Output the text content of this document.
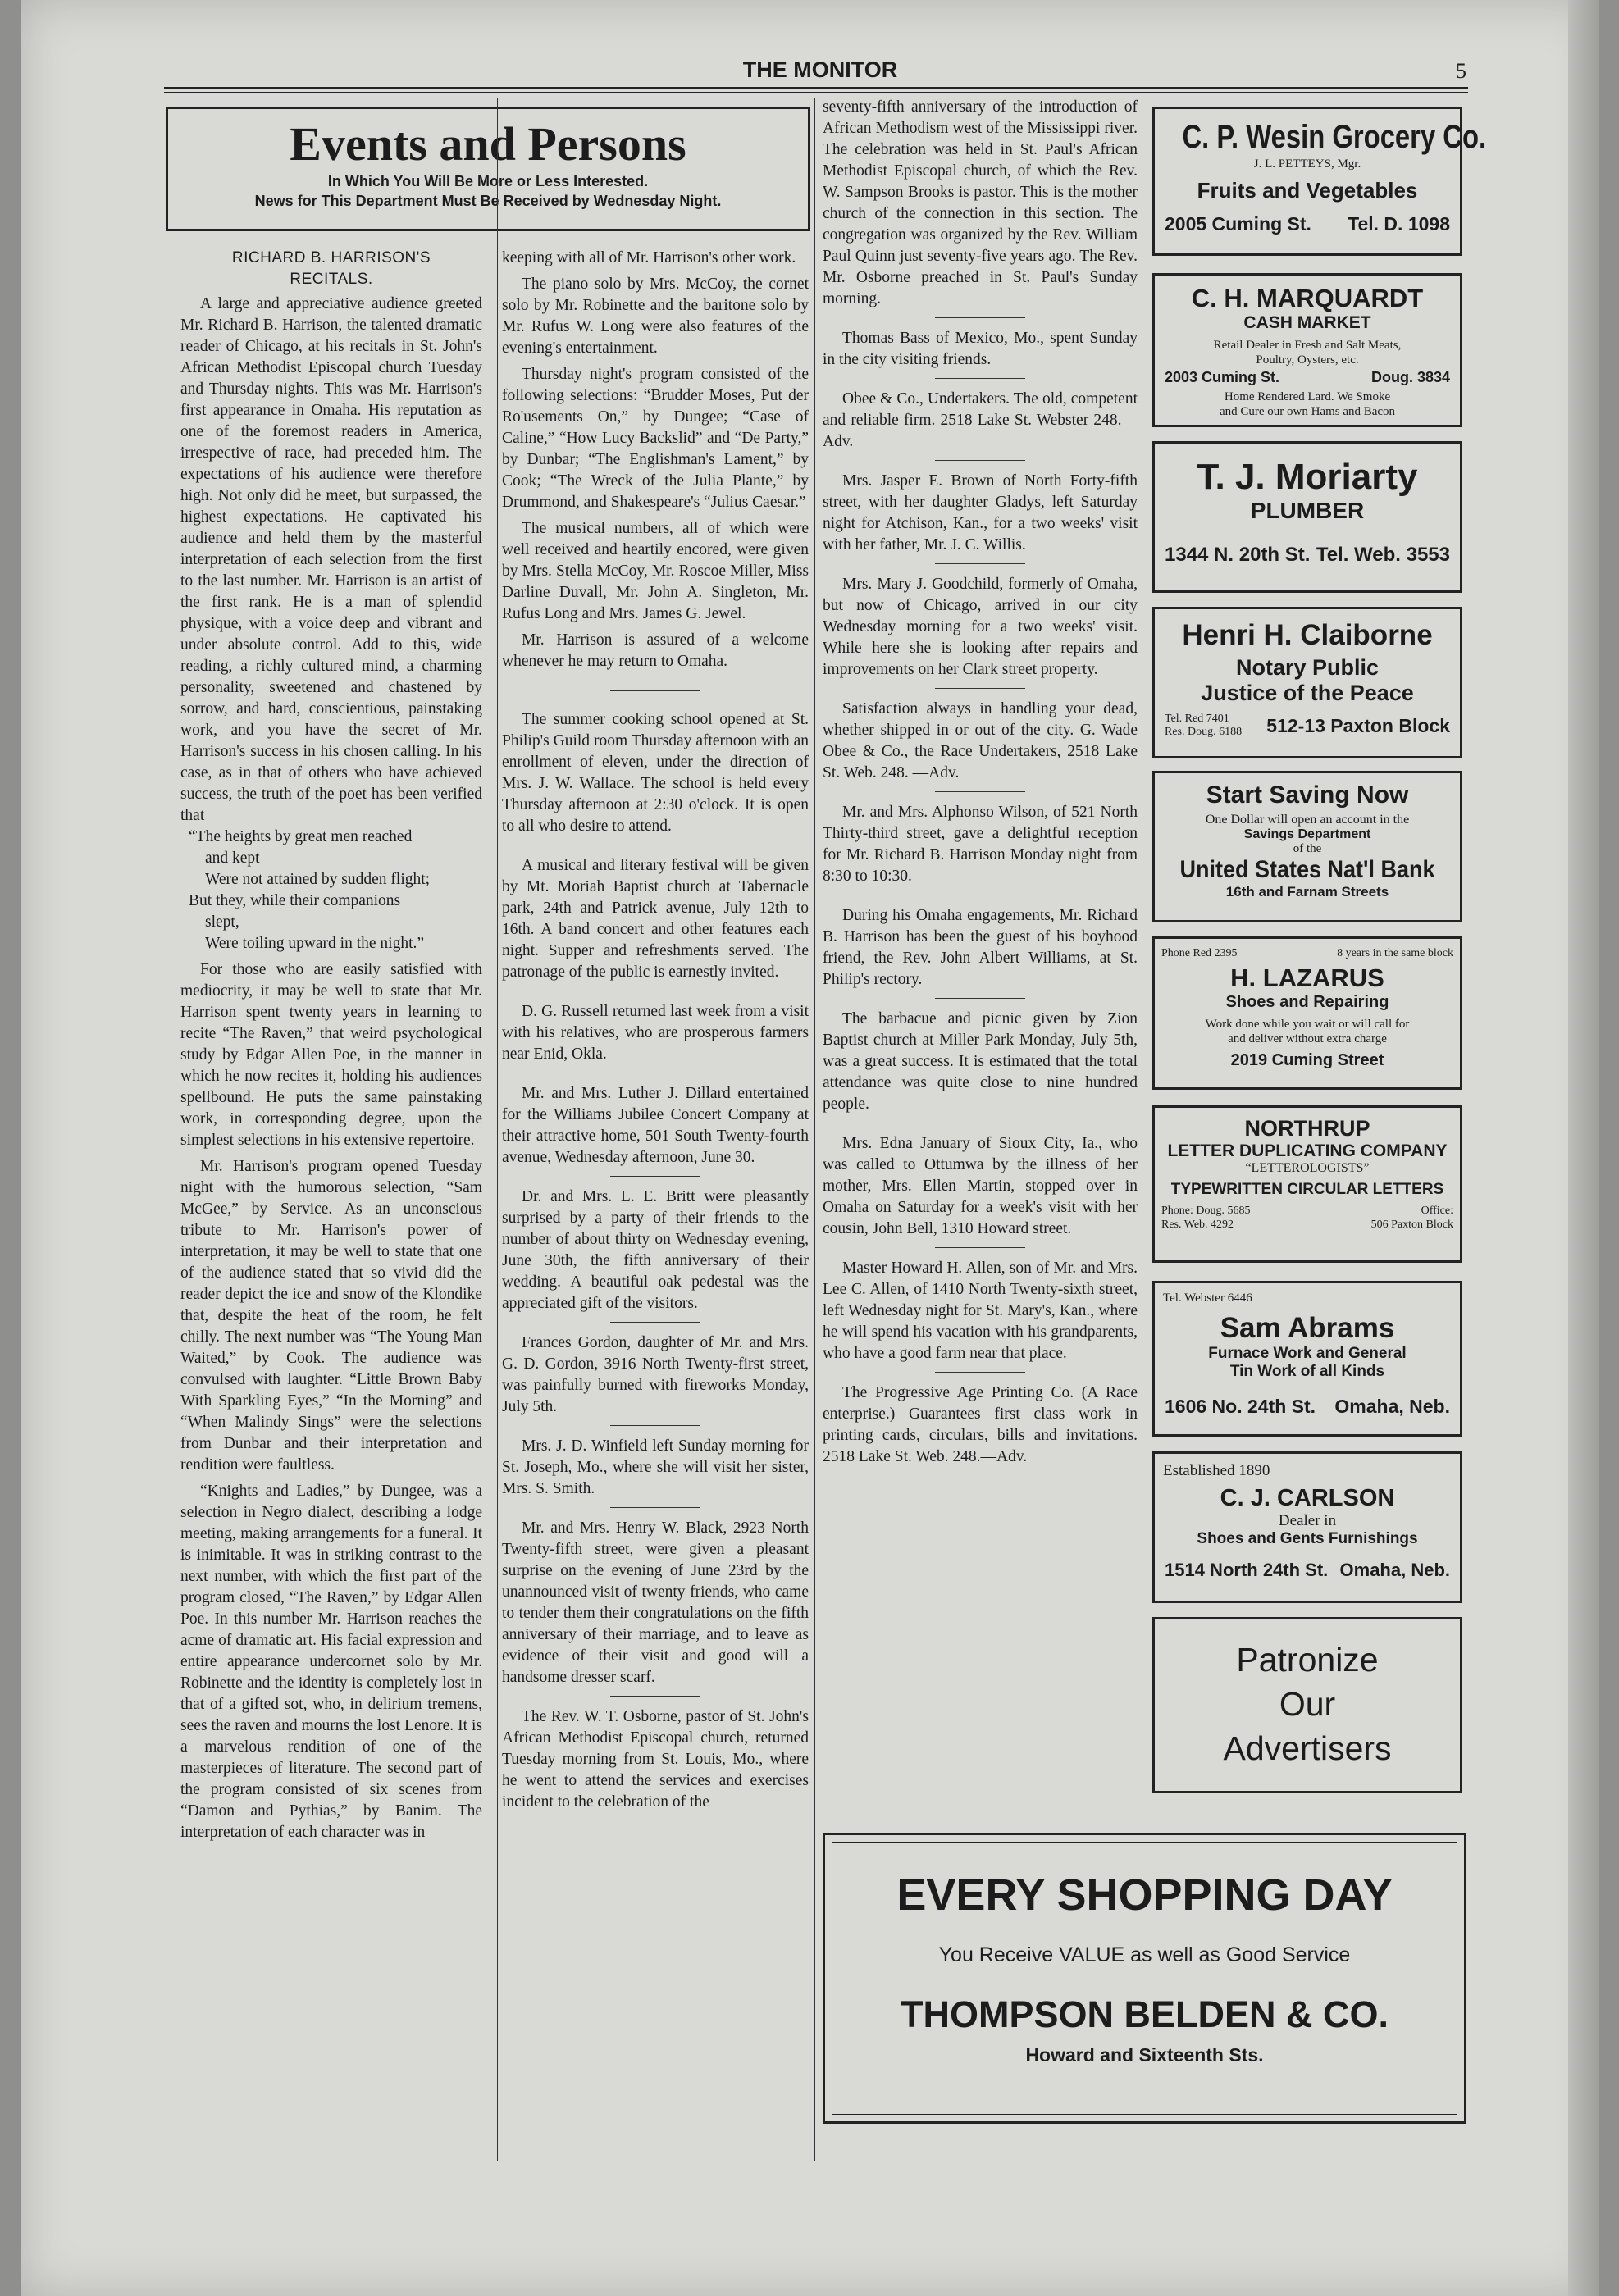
THE MONITOR	5
Events and Persons
In Which You Will Be More or Less Interested.
News for This Department Must Be Received by Wednesday Night.
RICHARD B. HARRISON'S
RECITALS.

A large and appreciative audience greeted Mr. Richard B. Harrison, the talented dramatic reader of Chicago, at his recitals in St. John's African Methodist Episcopal church Tuesday and Thursday nights. This was Mr. Harrison's first appearance in Omaha. His reputation as one of the foremost readers in America, irrespective of race, had preceded him. The expectations of his audience were therefore high. Not only did he meet, but surpassed, the highest expectations. He captivated his audience and held them by the masterful interpretation of each selection from the first to the last number. Mr. Harrison is an artist of the first rank. He is a man of splendid physique, with a voice deep and vibrant and under absolute control. Add to this, wide reading, a richly cultured mind, a charming personality, sweetened and chastened by sorrow, and hard, conscientious, painstaking work, and you have the secret of Mr. Harrison's success in his chosen calling. In his case, as in that of others who have achieved success, the truth of the poet has been verified that

“The heights by great men reached

and kept

Were not attained by sudden flight;

But they, while their companions

slept,

Were toiling upward in the night.”

For those who are easily satisfied with mediocrity, it may be well to state that Mr. Harrison spent twenty years in learning to recite “The Raven,” that weird psychological study by Edgar Allen Poe, in the manner in which he now recites it, holding his audiences spellbound. He puts the same painstaking work, in corresponding degree, upon the simplest selections in his extensive repertoire.

Mr. Harrison's program opened Tuesday night with the humorous selection, “Sam McGee,” by Service. As an unconscious tribute to Mr. Harrison's power of interpretation, it may be well to state that one of the audience stated that so vivid did the reader depict the ice and snow of the Klondike that, despite the heat of the room, he felt chilly. The next number was “The Young Man Waited,” by Cook. The audience was convulsed with laughter. “Little Brown Baby With Sparkling Eyes,” “In the Morning” and “When Malindy Sings” were the selections from Dunbar and their interpretation and rendition were faultless.

“Knights and Ladies,” by Dungee, was a selection in Negro dialect, describing a lodge meeting, making arrangements for a funeral. It is inimitable. It was in striking contrast to the next number, with which the first part of the program closed, “The Raven,” by Edgar Allen Poe. In this number Mr. Harrison reaches the acme of dramatic art. His facial expression and entire appearance undercornet solo by Mr. Robinette and the identity is completely lost in that of a gifted sot, who, in delirium tremens, sees the raven and mourns the lost Lenore. It is a marvelous rendition of one of the masterpieces of literature. The second part of the program consisted of six scenes from “Damon and Pythias,” by Banim. The interpretation of each character was in

keeping with all of Mr. Harrison's other work.

The piano solo by Mrs. McCoy, the cornet solo by Mr. Robinette and the baritone solo by Mr. Rufus W. Long were also features of the evening's entertainment.

Thursday night's program consisted of the following selections: “Brudder Moses, Put der Ro'usements On,” by Dungee; “Case of Caline,” “How Lucy Backslid” and “De Party,” by Dunbar; “The Englishman's Lament,” by Cook; “The Wreck of the Julia Plante,” by Drummond, and Shakespeare's “Julius Caesar.”

The musical numbers, all of which were well received and heartily encored, were given by Mrs. Stella McCoy, Mr. Roscoe Miller, Miss Darline Duvall, Mr. John A. Singleton, Mr. Rufus Long and Mrs. James G. Jewel.

Mr. Harrison is assured of a welcome whenever he may return to Omaha.

The summer cooking school opened at St. Philip's Guild room Thursday afternoon with an enrollment of eleven, under the direction of Mrs. J. W. Wallace. The school is held every Thursday afternoon at 2:30 o'clock. It is open to all who desire to attend.

A musical and literary festival will be given by Mt. Moriah Baptist church at Tabernacle park, 24th and Patrick avenue, July 12th to 16th. A band concert and other features each night. Supper and refreshments served. The patronage of the public is earnestly invited.

D. G. Russell returned last week from a visit with his relatives, who are prosperous farmers near Enid, Okla.

Mr. and Mrs. Luther J. Dillard entertained for the Williams Jubilee Concert Company at their attractive home, 501 South Twenty-fourth avenue, Wednesday afternoon, June 30.

Dr. and Mrs. L. E. Britt were pleasantly surprised by a party of their friends to the number of about thirty on Wednesday evening, June 30th, the fifth anniversary of their wedding. A beautiful oak pedestal was the appreciated gift of the visitors.

Frances Gordon, daughter of Mr. and Mrs. G. D. Gordon, 3916 North Twenty-first street, was painfully burned with fireworks Monday, July 5th.

Mrs. J. D. Winfield left Sunday morning for St. Joseph, Mo., where she will visit her sister, Mrs. S. Smith.

Mr. and Mrs. Henry W. Black, 2923 North Twenty-fifth street, were given a pleasant surprise on the evening of June 23rd by the unannounced visit of twenty friends, who came to tender them their congratulations on the fifth anniversary of their marriage, and to leave as evidence of their visit and good will a handsome dresser scarf.

The Rev. W. T. Osborne, pastor of St. John's African Methodist Episcopal church, returned Tuesday morning from St. Louis, Mo., where he went to attend the services and exercises incident to the celebration of the

seventy-fifth anniversary of the introduction of African Methodism west of the Mississippi river. The celebration was held in St. Paul's African Methodist Episcopal church, of which the Rev. W. Sampson Brooks is pastor. This is the mother church of the connection in this section. The congregation was organized by the Rev. William Paul Quinn just seventy-five years ago. The Rev. Mr. Osborne preached in St. Paul's Sunday morning.

Thomas Bass of Mexico, Mo., spent Sunday in the city visiting friends.

Obee & Co., Undertakers. The old, competent and reliable firm. 2518 Lake St. Webster 248.—Adv.

Mrs. Jasper E. Brown of North Forty-fifth street, with her daughter Gladys, left Saturday night for Atchison, Kan., for a two weeks' visit with her father, Mr. J. C. Willis.

Mrs. Mary J. Goodchild, formerly of Omaha, but now of Chicago, arrived in our city Wednesday morning for a two weeks' visit. While here she is looking after repairs and improvements on her Clark street property.

Satisfaction always in handling your dead, whether shipped in or out of the city. G. Wade Obee & Co., the Race Undertakers, 2518 Lake St. Web. 248. —Adv.

Mr. and Mrs. Alphonso Wilson, of 521 North Thirty-third street, gave a delightful reception for Mr. Richard B. Harrison Monday night from 8:30 to 10:30.

During his Omaha engagements, Mr. Richard B. Harrison has been the guest of his boyhood friend, the Rev. John Albert Williams, at St. Philip's rectory.

The barbacue and picnic given by Zion Baptist church at Miller Park Monday, July 5th, was a great success. It is estimated that the total attendance was quite close to nine hundred people.

Mrs. Edna January of Sioux City, Ia., who was called to Ottumwa by the illness of her mother, Mrs. Ellen Martin, stopped over in Omaha on Saturday for a week's visit with her cousin, John Bell, 1310 Howard street.

Master Howard H. Allen, son of Mr. and Mrs. Lee C. Allen, of 1410 North Twenty-sixth street, left Wednesday night for St. Mary's, Kan., where he will spend his vacation with his grandparents, who have a good farm near that place.

The Progressive Age Printing Co. (A Race enterprise.) Guarantees first class work in printing cards, circulars, bills and invitations. 2518 Lake St. Web. 248.—Adv.

C. P. Wesin Grocery Co.
J. L. PETTEYS, Mgr.
Fruits and Vegetables
2005 Cuming St. Tel. D. 1098
C. H. MARQUARDT
CASH MARKET
Retail Dealer in Fresh and Salt Meats,
Poultry, Oysters, etc.
2003 Cuming St.	Doug. 3834
Home Rendered Lard. We Smoke
and Cure our own Hams and Bacon
T. J. Moriarty
PLUMBER
1344 N. 20th St. Tel. Web. 3553
Henri H. Claiborne
Notary Public
Justice of the Peace
Tel. Red 7401
Res. Doug. 6188 512-13 Paxton Block
Start Saving Now
One Dollar will open an account in the
Savings Department
of the
United States Nat'l Bank
16th and Farnam Streets
Phone Red 2395	8 years in the same block
H. LAZARUS
Shoes and Repairing
Work done while you wait or will call for
and deliver without extra charge
2019 Cuming Street
NORTHRUP
LETTER DUPLICATING COMPANY
“LETTEROLOGISTS”
TYPEWRITTEN CIRCULAR LETTERS
Phone: Doug. 5685
Res. Web. 4292
Office:
506 Paxton Block
Tel. Webster 6446
Sam Abrams
Furnace Work and General
Tin Work of all Kinds
1606 No. 24th St. Omaha, Neb.
Established 1890
C. J. CARLSON
Dealer in
Shoes and Gents Furnishings
1514 North 24th St. Omaha, Neb.
Patronize
Our
Advertisers
EVERY SHOPPING DAY
You Receive VALUE as well as Good Service
THOMPSON BELDEN & CO.
Howard and Sixteenth Sts.
